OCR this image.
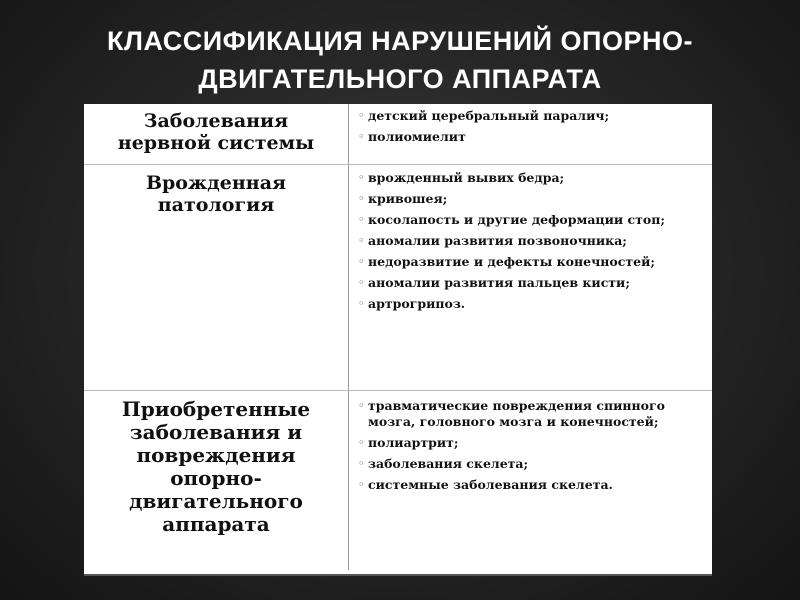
КЛАССИФИКАЦИЯ НАРУШЕНИЙ ОПОРНО-
ДВИГАТЕЛЬНОГО АППАРАТА
Заболевания
нервной системы
◦ детский церебральный паралич;
◦ полиомиелит
Врожденная
патология
◦ врожденный вывих бедра;
◦ кривошея;
◦ косолапость и другие деформации стоп;
◦ аномалии развития позвоночника;
◦ недоразвитие и дефекты конечностей;
◦ аномалии развития пальцев кисти;
◦ артрогрипоз.
Приобретенные
заболевания и
повреждения
опорно-
двигательного
аппарата
◦ травматические повреждения спинного мозга, головного мозга и конечностей;
◦ полиартрит;
◦ заболевания скелета;
◦ системные заболевания скелета.
